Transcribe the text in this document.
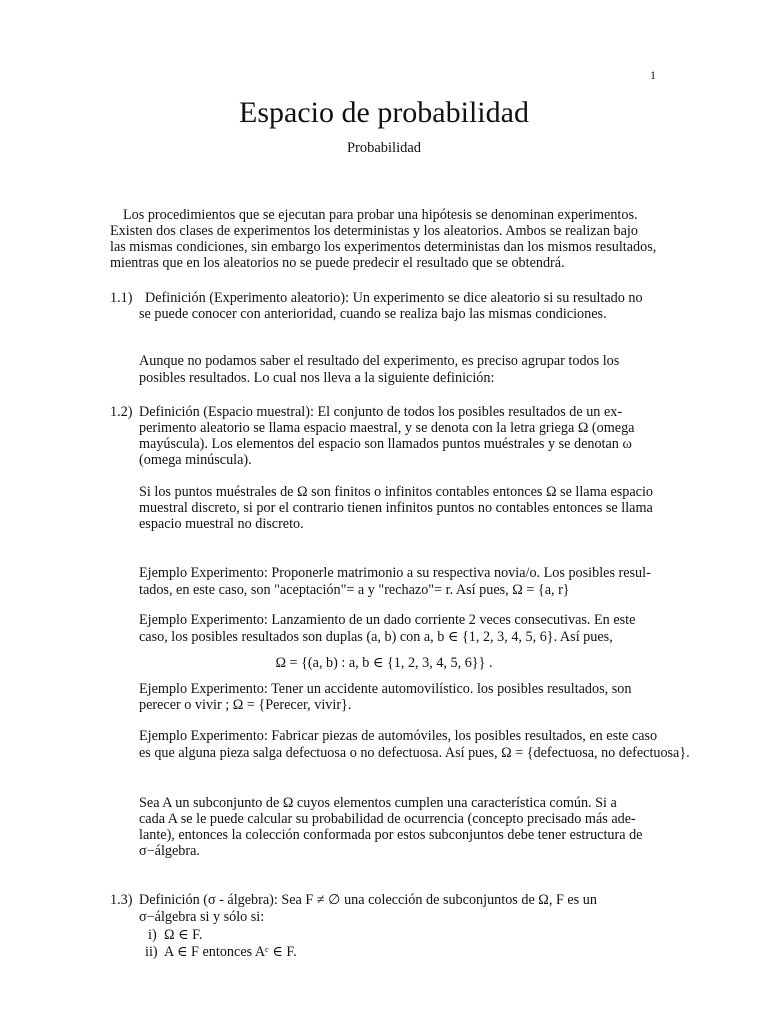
1
Espacio de probabilidad
Probabilidad
Los procedimientos que se ejecutan para probar una hipótesis se denominan experimentos.
Existen dos clases de experimentos los deterministas y los aleatorios. Ambos se realizan bajo
las mismas condiciones, sin embargo los experimentos deterministas dan los mismos resultados,
mientras que en los aleatorios no se puede predecir el resultado que se obtendrá.
1.1) Definición (Experimento aleatorio): Un experimento se dice aleatorio si su resultado no
se puede conocer con anterioridad, cuando se realiza bajo las mismas condiciones.
Aunque no podamos saber el resultado del experimento, es preciso agrupar todos los
posibles resultados. Lo cual nos lleva a la siguiente definición:
1.2) Definición (Espacio muestral): El conjunto de todos los posibles resultados de un ex-
perimento aleatorio se llama espacio maestral, y se denota con la letra griega Ω (omega
mayúscula). Los elementos del espacio son llamados puntos muéstrales y se denotan ω
(omega minúscula).
Si los puntos muéstrales de Ω son finitos o infinitos contables entonces Ω se llama espacio
muestral discreto, si por el contrario tienen infinitos puntos no contables entonces se llama
espacio muestral no discreto.
Ejemplo Experimento: Proponerle matrimonio a su respectiva novia/o. Los posibles resul-
tados, en este caso, son "aceptación"= a y "rechazo"= r. Así pues, Ω = {a, r}
Ejemplo Experimento: Lanzamiento de un dado corriente 2 veces consecutivas. En este
caso, los posibles resultados son duplas (a, b) con a, b ∈ {1, 2, 3, 4, 5, 6}. Así pues,
Ω = {(a, b) : a, b ∈ {1, 2, 3, 4, 5, 6}} .
Ejemplo Experimento: Tener un accidente automovilístico. los posibles resultados, son
perecer o vivir ; Ω = {Perecer, vivir}.
Ejemplo Experimento: Fabricar piezas de automóviles, los posibles resultados, en este caso
es que alguna pieza salga defectuosa o no defectuosa. Así pues, Ω = {defectuosa, no defectuosa}.
Sea A un subconjunto de Ω cuyos elementos cumplen una característica común. Si a
cada A se le puede calcular su probabilidad de ocurrencia (concepto precisado más ade-
lante), entonces la colección conformada por estos subconjuntos debe tener estructura de
σ−álgebra.
1.3) Definición (σ - álgebra): Sea F ≠ ∅ una colección de subconjuntos de Ω, F es un
σ−álgebra si y sólo si:
i) Ω ∈ F.
ii) A ∈ F entonces Aᶜ ∈ F.
